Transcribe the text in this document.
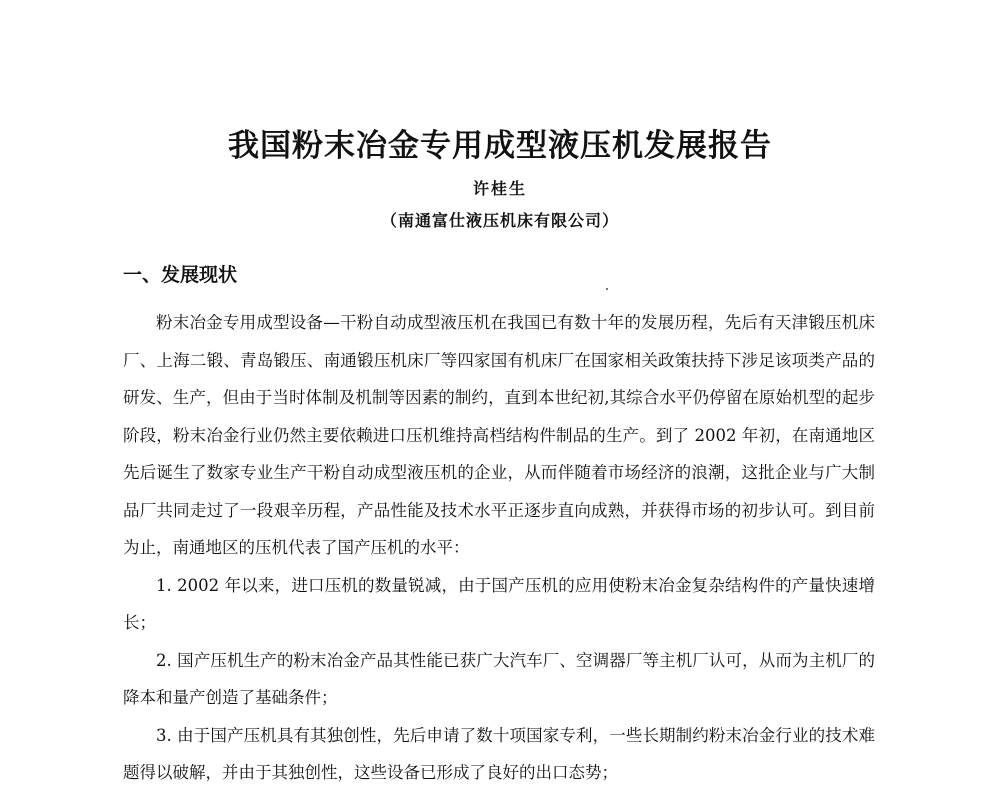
我国粉末冶金专用成型液压机发展报告
许桂生
（南通富仕液压机床有限公司）
一、发展现状

粉末冶金专用成型设备—干粉自动成型液压机在我国已有数十年的发展历程，先后有天津锻压机床厂、上海二锻、青岛锻压、南通锻压机床厂等四家国有机床厂在国家相关政策扶持下涉足该项类产品的研发、生产，但由于当时体制及机制等因素的制约，直到本世纪初,其综合水平仍停留在原始机型的起步阶段，粉末冶金行业仍然主要依赖进口压机维持高档结构件制品的生产。到了 2002 年初，在南通地区先后诞生了数家专业生产干粉自动成型液压机的企业，从而伴随着市场经济的浪潮，这批企业与广大制品厂共同走过了一段艰辛历程，产品性能及技术水平正逐步直向成熟，并获得市场的初步认可。到目前为止，南通地区的压机代表了国产压机的水平：

1. 2002 年以来，进口压机的数量锐减，由于国产压机的应用使粉末冶金复杂结构件的产量快速增长；

2. 国产压机生产的粉末冶金产品其性能已获广大汽车厂、空调器厂等主机厂认可，从而为主机厂的降本和量产创造了基础条件；

3. 由于国产压机具有其独创性，先后申请了数十项国家专利，一些长期制约粉末冶金行业的技术难题得以破解，并由于其独创性，这些设备已形成了良好的出口态势；
